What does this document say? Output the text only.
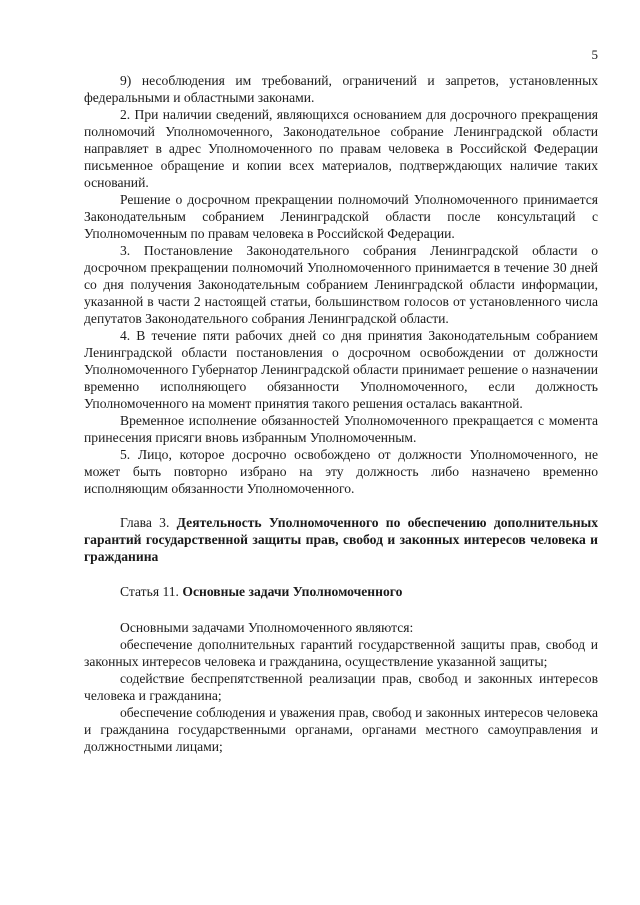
5

9) несоблюдения им требований, ограничений и запретов, установленных федеральными и областными законами.

2. При наличии сведений, являющихся основанием для досрочного прекращения полномочий Уполномоченного, Законодательное собрание Ленинградской области направляет в адрес Уполномоченного по правам человека в Российской Федерации письменное обращение и копии всех материалов, подтверждающих наличие таких оснований.

Решение о досрочном прекращении полномочий Уполномоченного принимается Законодательным собранием Ленинградской области после консультаций с Уполномоченным по правам человека в Российской Федерации.

3. Постановление Законодательного собрания Ленинградской области о досрочном прекращении полномочий Уполномоченного принимается в течение 30 дней со дня получения Законодательным собранием Ленинградской области информации, указанной в части 2 настоящей статьи, большинством голосов от установленного числа депутатов Законодательного собрания Ленинградской области.

4. В течение пяти рабочих дней со дня принятия Законодательным собранием Ленинградской области постановления о досрочном освобождении от должности Уполномоченного Губернатор Ленинградской области принимает решение о назначении временно исполняющего обязанности Уполномоченного, если должность Уполномоченного на момент принятия такого решения осталась вакантной.

Временное исполнение обязанностей Уполномоченного прекращается с момента принесения присяги вновь избранным Уполномоченным.

5. Лицо, которое досрочно освобождено от должности Уполномоченного, не может быть повторно избрано на эту должность либо назначено временно исполняющим обязанности Уполномоченного.

Глава 3. Деятельность Уполномоченного по обеспечению дополнительных гарантий государственной защиты прав, свобод и законных интересов человека и гражданина

Статья 11. Основные задачи Уполномоченного

Основными задачами Уполномоченного являются:

обеспечение дополнительных гарантий государственной защиты прав, свобод и законных интересов человека и гражданина, осуществление указанной защиты;

содействие беспрепятственной реализации прав, свобод и законных интересов человека и гражданина;

обеспечение соблюдения и уважения прав, свобод и законных интересов человека и гражданина государственными органами, органами местного самоуправления и должностными лицами;
